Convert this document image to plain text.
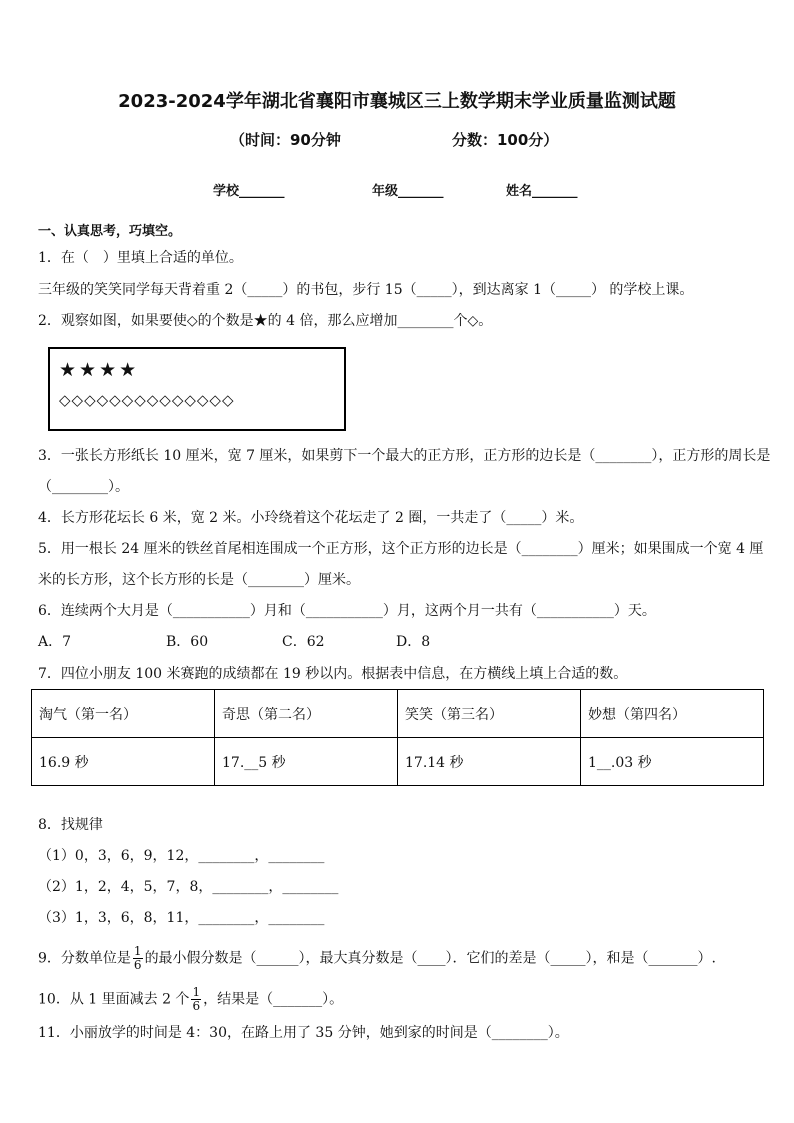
2023-2024学年湖北省襄阳市襄城区三上数学期末学业质量监测试题
（时间：90分钟	分数：100分）
学校_______	年级_______	姓名_______
一、认真思考，巧填空。
1．在（　）里填上合适的单位。
三年级的笑笑同学每天背着重 2（_____）的书包，步行 15（_____），到达离家 1（_____） 的学校上课。
2．观察如图，如果要使◇的个数是★的 4 倍，那么应增加________个◇。
★★★★
◇◇◇◇◇◇◇◇◇◇◇◇◇◇
3．一张长方形纸长 10 厘米，宽 7 厘米，如果剪下一个最大的正方形，正方形的边长是（________），正方形的周长是
（________）。
4．长方形花坛长 6 米，宽 2 米。小玲绕着这个花坛走了 2 圈，一共走了（_____）米。
5．用一根长 24 厘米的铁丝首尾相连围成一个正方形，这个正方形的边长是（________）厘米；如果围成一个宽 4 厘
米的长方形，这个长方形的长是（________）厘米。
6．连续两个大月是（___________）月和（___________）月，这两个月一共有（___________）天。
A．7	B．60	C．62	D．8
7．四位小朋友 100 米赛跑的成绩都在 19 秒以内。根据表中信息，在方横线上填上合适的数。
淘气（第一名）	奇思（第二名）	笑笑（第三名）	妙想（第四名）
16.9 秒	17.__5 秒	17.14 秒	1__.03 秒
8．找规律
（1）0，3，6，9，12，________，________
（2）1，2，4，5，7，8，________，________
（3）1，3，6，8，11，________，________
9．分数单位是 $\frac{1}{6}$ 的最小假分数是（______），最大真分数是（____）．它们的差是（_____），和是（_______）.
10．从 1 里面减去 2 个 $\frac{1}{6}$ ，结果是（_______）。
11．小丽放学的时间是 4：30，在路上用了 35 分钟，她到家的时间是（________）。
